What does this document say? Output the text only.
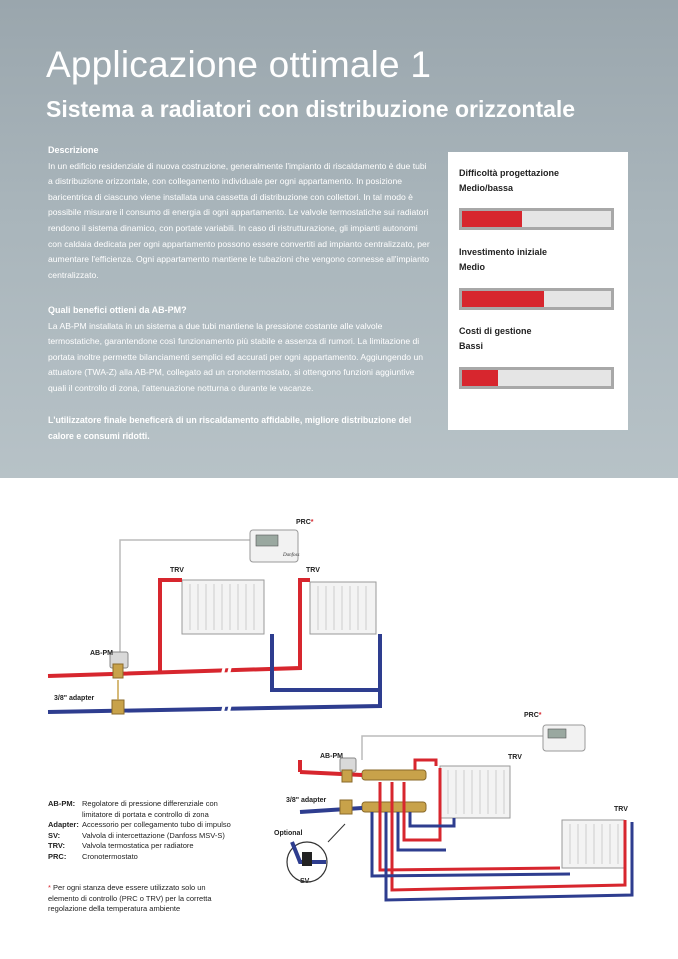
Applicazione ottimale 1
Sistema a radiatori con distribuzione orizzontale

Descrizione

In un edificio residenziale di nuova costruzione, generalmente l'impianto di riscaldamento è due tubi a distribuzione orizzontale, con collegamento individuale per ogni appartamento. In posizione baricentrica di ciascuno viene installata una cassetta di distribuzione con collettori. In tal modo è possibile misurare il consumo di energia di ogni appartamento. Le valvole termostatiche sui radiatori rendono il sistema dinamico, con portate variabili. In caso di ristrutturazione, gli impianti autonomi con caldaia dedicata per ogni appartamento possono essere convertiti ad impianto centralizzato, per aumentare l'efficienza. Ogni appartamento mantiene le tubazioni che vengono connesse all'impianto centralizzato.

Quali benefici ottieni da AB-PM?

La AB-PM installata in un sistema a due tubi mantiene la pressione costante alle valvole termostatiche, garantendone così funzionamento più stabile e assenza di rumori. La limitazione di portata inoltre permette bilanciamenti semplici ed accurati per ogni appartamento. Aggiungendo un attuatore (TWA-Z) alla AB-PM, collegato ad un cronotermostato, si ottengono funzioni aggiuntive quali il controllo di zona, l'attenuazione notturna o durante le vacanze.

L'utilizzatore finale beneficerà di un riscaldamento affidabile, migliore distribuzione del calore e consumi ridotti.
Difficoltà progettazione
Medio/bassa
Investimento iniziale
Medio
Costi di gestione
Bassi
Danfoss
PRC*
TRV	TRV
AB-PM
3/8" adapter
PRC*
TRV
TRV
AB-PM
3/8" adapter
Optional
SV
AB-PM: Regolatore di pressione differenziale con limitatore di portata e controllo di zona
Adapter: Accessorio per collegamento tubo di impulso
SV:	Valvola di intercettazione (Danfoss MSV-S)
TRV:	Valvola termostatica per radiatore
PRC:	Cronotermostato
* Per ogni stanza deve essere utilizzato solo un elemento di controllo (PRC o TRV) per la corretta regolazione della temperatura ambiente
